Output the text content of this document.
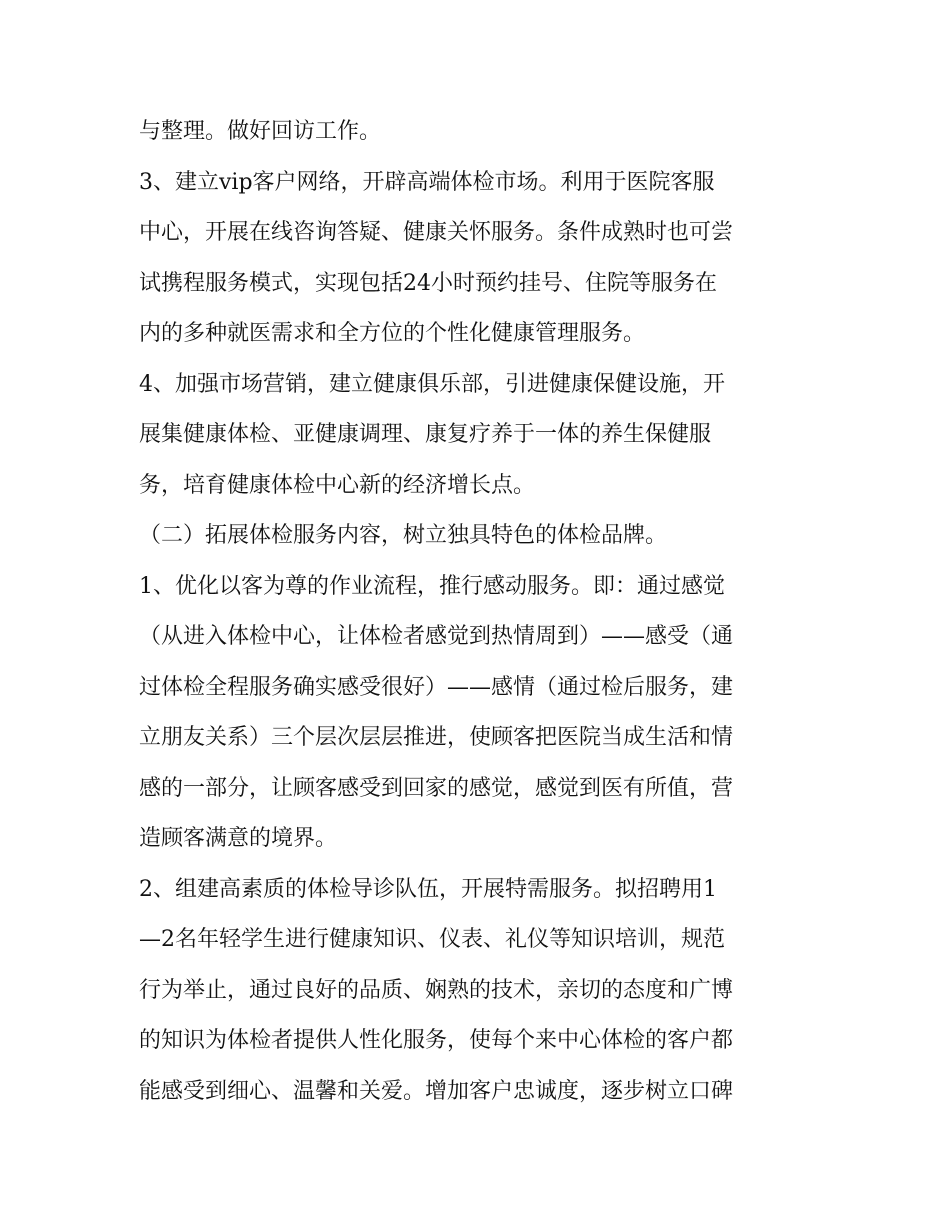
与整理。做好回访工作。
3、建立vip客户网络，开辟高端体检市场。利用于医院客服
中心，开展在线咨询答疑、健康关怀服务。条件成熟时也可尝
试携程服务模式，实现包括24小时预约挂号、住院等服务在
内的多种就医需求和全方位的个性化健康管理服务。
4、加强市场营销，建立健康俱乐部，引进健康保健设施，开
展集健康体检、亚健康调理、康复疗养于一体的养生保健服
务，培育健康体检中心新的经济增长点。
（二）拓展体检服务内容，树立独具特色的体检品牌。
1、优化以客为尊的作业流程，推行感动服务。即：通过感觉
（从进入体检中心，让体检者感觉到热情周到）——感受（通
过体检全程服务确实感受很好）——感情（通过检后服务，建
立朋友关系）三个层次层层推进，使顾客把医院当成生活和情
感的一部分，让顾客感受到回家的感觉，感觉到医有所值，营
造顾客满意的境界。
2、组建高素质的体检导诊队伍，开展特需服务。拟招聘用1
—2名年轻学生进行健康知识、仪表、礼仪等知识培训，规范
行为举止，通过良好的品质、娴熟的技术，亲切的态度和广博
的知识为体检者提供人性化服务，使每个来中心体检的客户都
能感受到细心、温馨和关爱。增加客户忠诚度，逐步树立口碑
